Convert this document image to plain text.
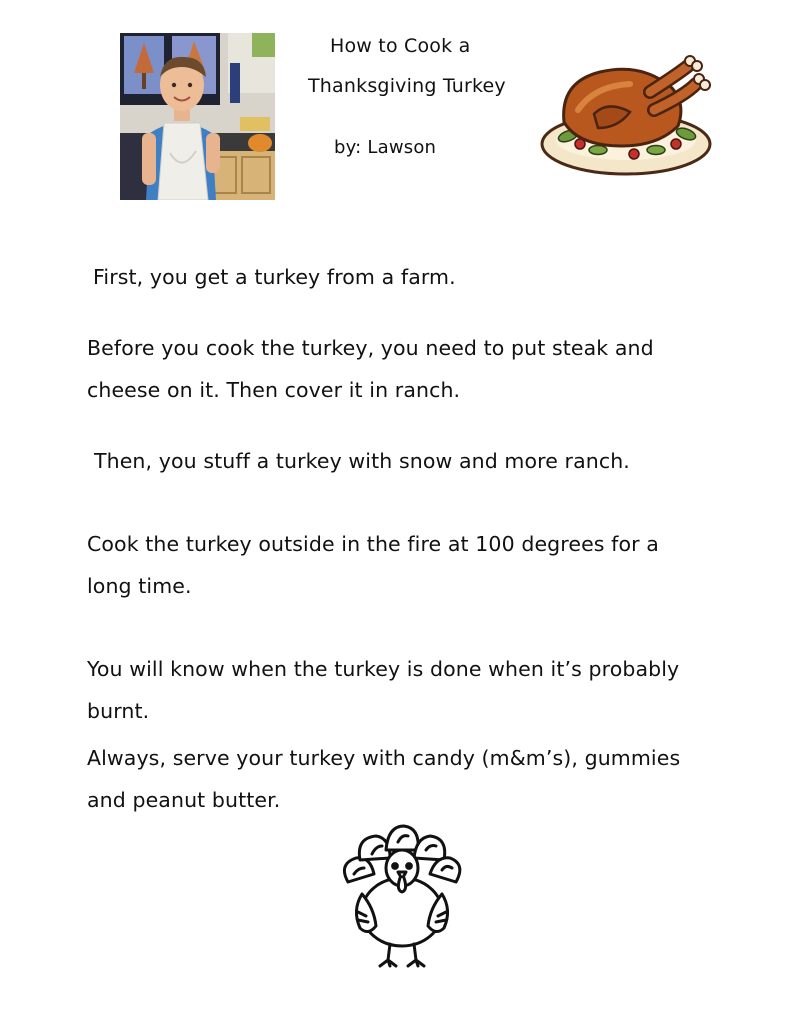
How to Cook a
Thanksgiving Turkey
by: Lawson
First, you get a turkey from a farm.
Before you cook the turkey, you need to put steak and cheese on it. Then cover it in ranch.
Then, you stuff a turkey with snow and more ranch.
Cook the turkey outside in the fire at 100 degrees for a long time.
You will know when the turkey is done when it’s probably burnt.
Always, serve your turkey with candy (m&m’s), gummies and peanut butter.
